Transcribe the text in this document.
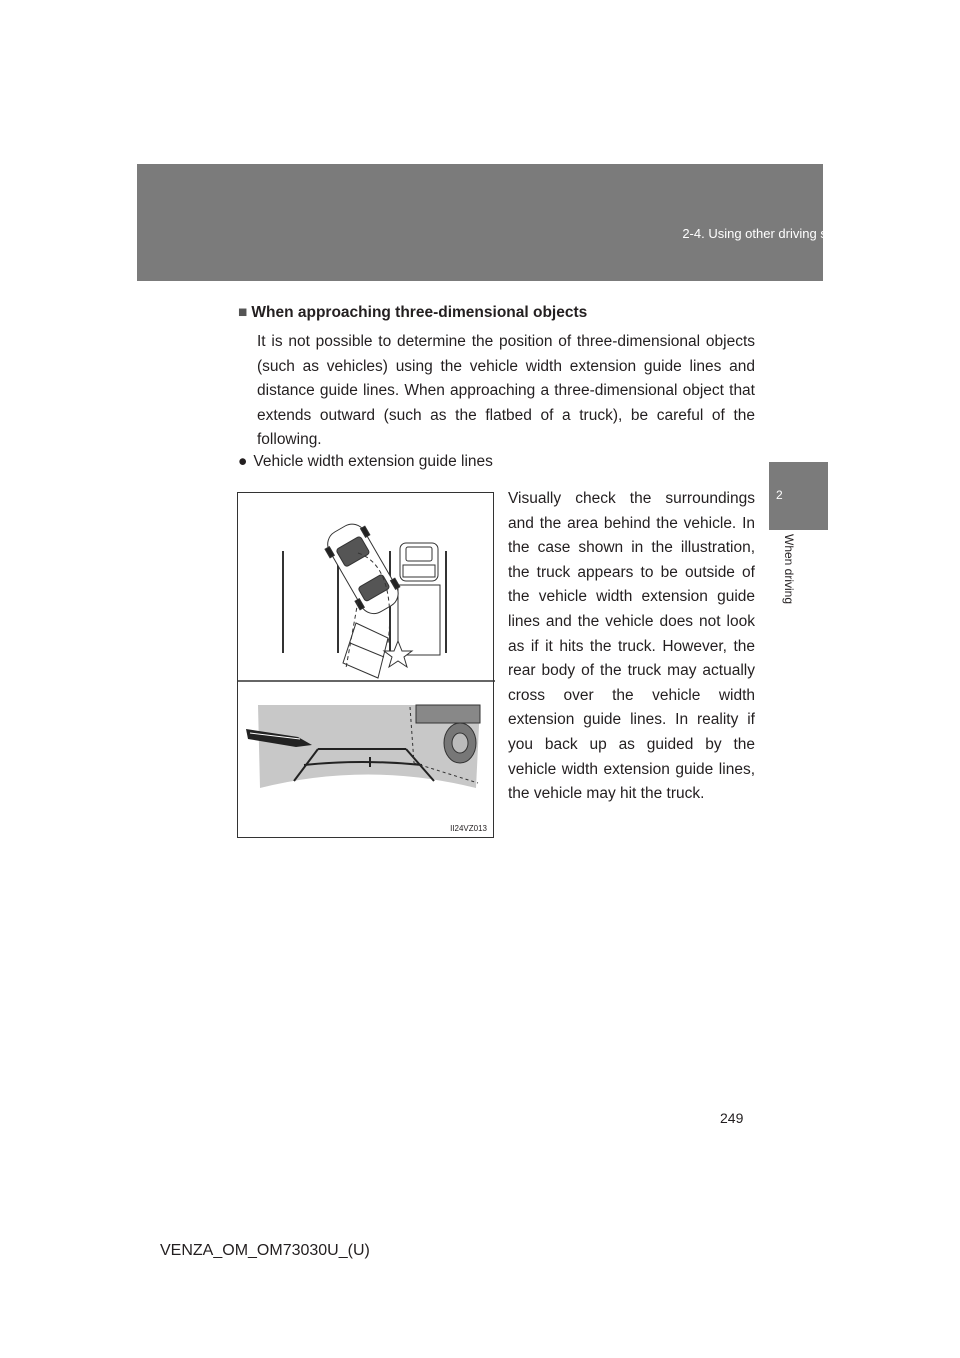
2-4. Using other driving systems
2
When driving
■ When approaching three-dimensional objects

It is not possible to determine the position of three-dimensional objects (such as vehicles) using the vehicle width extension guide lines and distance guide lines. When approaching a three-dimensional object that extends outward (such as the flatbed of a truck), be careful of the following.

● Vehicle width extension guide lines

Visually check the surroundings and the area behind the vehicle. In the case shown in the illustration, the truck appears to be outside of the vehicle width extension guide lines and the vehicle does not look as if it hits the truck. However, the rear body of the truck may actually cross over the vehicle width extension guide lines. In reality if you back up as guided by the vehicle width extension guide lines, the vehicle may hit the truck.

II24VZ013
249
VENZA_OM_OM73030U_(U)
